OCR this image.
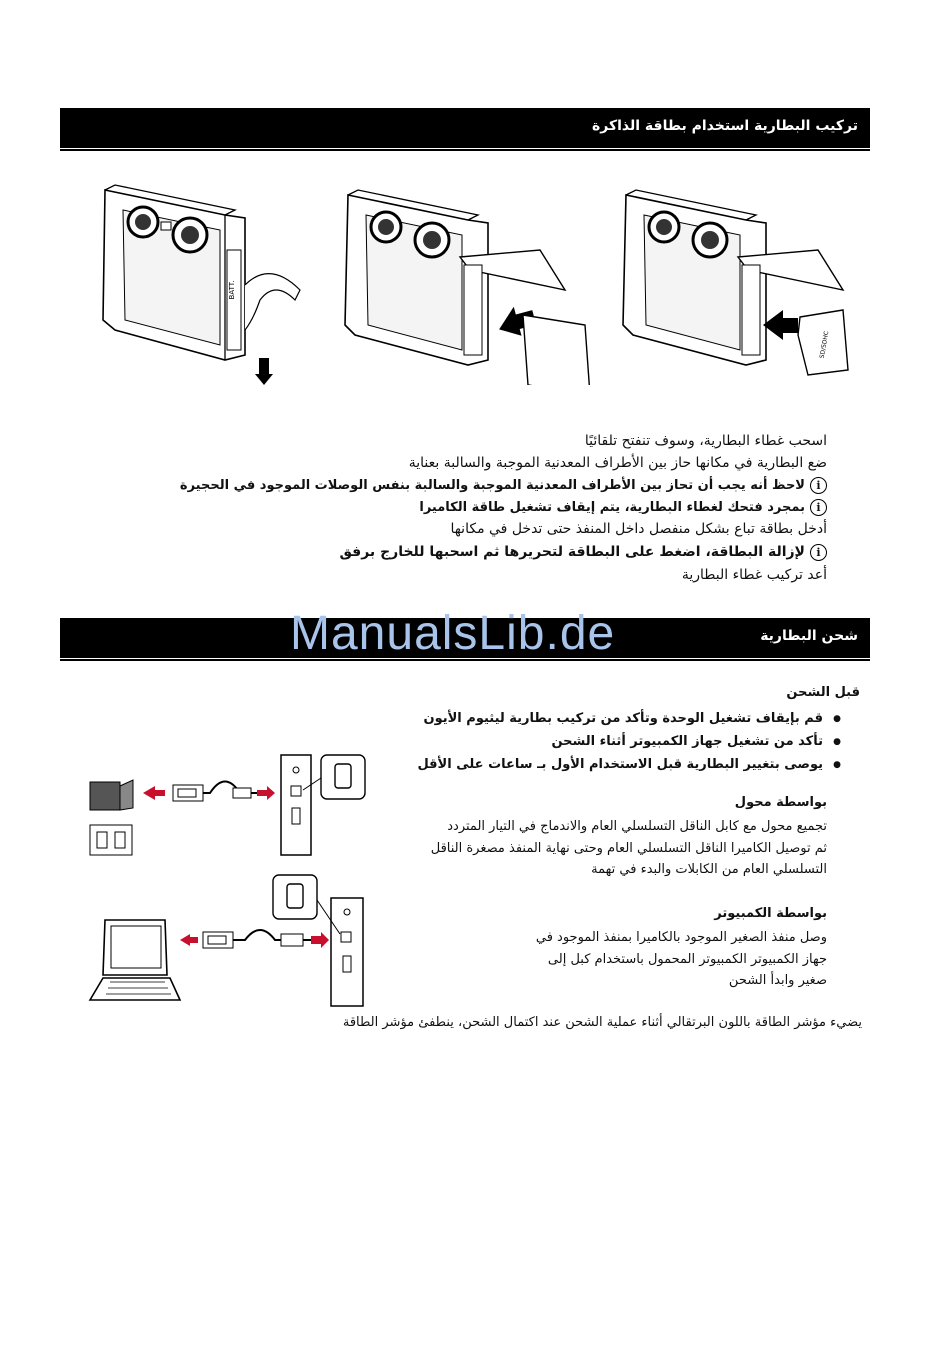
تركيب البطارية استخدام بطاقة الذاكرة
BATT.
SD/SDHC
اسحب غطاء البطارية، وسوف تنفتح تلقائيًا
ضع البطارية في مكانها حاز بين الأطراف المعدنية الموجبة والسالبة بعناية
iلاحظ أنه يجب أن تحاز بين الأطراف المعدنية الموجبة والسالبة بنفس الوصلات الموجود في الحجيرة
iبمجرد فتحك لغطاء البطارية، يتم إيقاف تشغيل طاقة الكاميرا
أدخل بطاقة تباع بشكل منفصل داخل المنفذ حتى تدخل في مكانها
iلإزالة البطاقة، اضغط على البطاقة لتحريرها ثم اسحبها للخارج برفق
أعد تركيب غطاء البطارية
شحن البطارية
ManualsLib.de
قبل الشحن
قم بإيقاف تشغيل الوحدة وتأكد من تركيب بطارية ليثيوم الأيون ●
تأكد من تشغيل جهاز الكمبيوتر أثناء الشحن ●
يوصى بتغيير البطارية قبل الاستخدام الأول بـ ساعات على الأقل ●
بواسطة محول
تجميع محول مع كابل الناقل التسلسلي العام والاندماج في التيار المتردد
ثم توصيل الكاميرا الناقل التسلسلي العام وحتى نهاية المنفذ مصغرة الناقل
التسلسلي العام من الكابلات والبدء في تهمة
بواسطة الكمبيوتر
وصل منفذ الصغير الموجود بالكاميرا بمنفذ الموجود في
جهاز الكمبيوتر الكمبيوتر المحمول باستخدام كبل إلى
صغير وابدأ الشحن
يضيء مؤشر الطاقة باللون البرتقالي أثناء عملية الشحن عند اكتمال الشحن، ينطفئ مؤشر الطاقة
